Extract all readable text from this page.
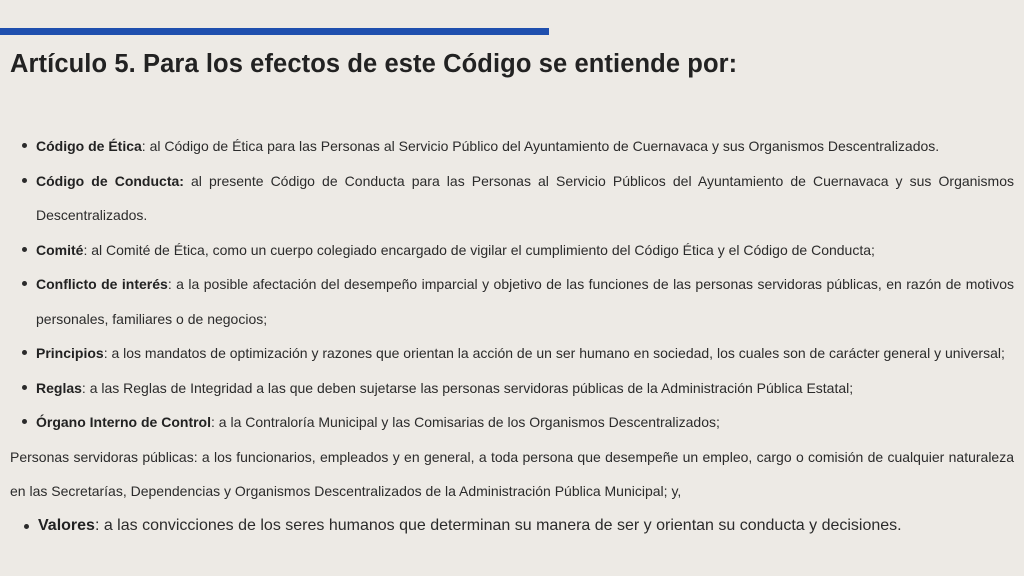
Artículo 5. Para los efectos de este Código se entiende por:
Código de Ética: al Código de Ética para las Personas al Servicio Público del Ayuntamiento de Cuernavaca y sus Organismos Descentralizados.
Código de Conducta: al presente Código de Conducta para las Personas al Servicio Públicos del Ayuntamiento de Cuernavaca y sus Organismos Descentralizados.
Comité: al Comité de Ética, como un cuerpo colegiado encargado de vigilar el cumplimiento del Código Ética y el Código de Conducta;
Conflicto de interés: a la posible afectación del desempeño imparcial y objetivo de las funciones de las personas servidoras públicas, en razón de motivos personales, familiares o de negocios;
Principios: a los mandatos de optimización y razones que orientan la acción de un ser humano en sociedad, los cuales son de carácter general y universal;
Reglas: a las Reglas de Integridad a las que deben sujetarse las personas servidoras públicas de la Administración Pública Estatal;
Órgano Interno de Control: a la Contraloría Municipal y las Comisarias de los Organismos Descentralizados;

Personas servidoras públicas: a los funcionarios, empleados y en general, a toda persona que desempeñe un empleo, cargo o comisión de cualquier naturaleza en las Secretarías, Dependencias y Organismos Descentralizados de la Administración Pública Municipal; y,

Valores: a las convicciones de los seres humanos que determinan su manera de ser y orientan su conducta y decisiones.
